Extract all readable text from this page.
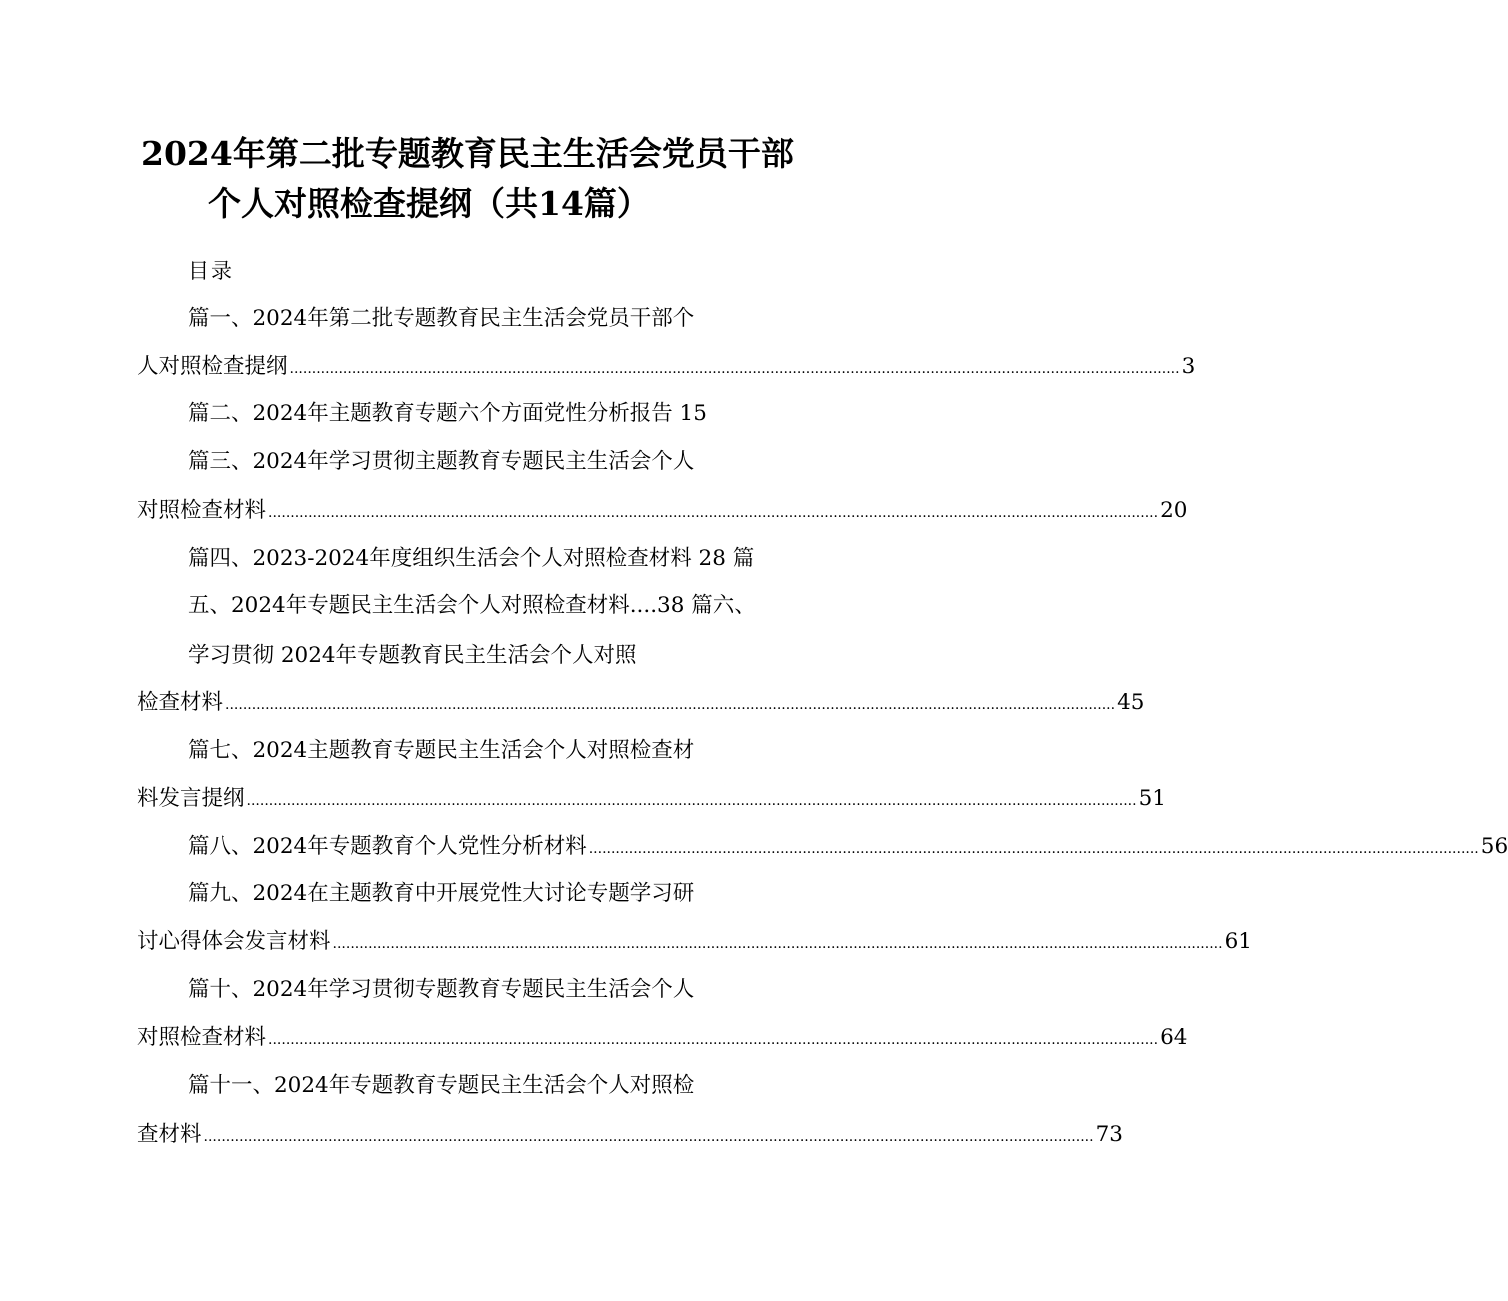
2024年第二批专题教育民主生活会党员干部
个人对照检查提纲（共14篇）
目录
篇一、2024年第二批专题教育民主生活会党员干部个
人对照检查提纲 ........................................................................................................................................................................................................ 3
篇二、2024年主题教育专题六个方面党性分析报告 15
篇三、2024年学习贯彻主题教育专题民主生活会个人
对照检查材料 ........................................................................................................................................................................................................ 20
篇四、2023-2024年度组织生活会个人对照检查材料 28 篇
五、2024年专题民主生活会个人对照检查材料....38 篇六、
学习贯彻 2024年专题教育民主生活会个人对照
检查材料 ........................................................................................................................................................................................................ 45
篇七、2024主题教育专题民主生活会个人对照检查材
料发言提纲 ........................................................................................................................................................................................................ 51
篇八、2024年专题教育个人党性分析材料 ........................................................................................................................................................................................................ 56
篇九、2024在主题教育中开展党性大讨论专题学习研
讨心得体会发言材料 ........................................................................................................................................................................................................ 61
篇十、2024年学习贯彻专题教育专题民主生活会个人
对照检查材料 ........................................................................................................................................................................................................ 64
篇十一、2024年专题教育专题民主生活会个人对照检
查材料 ........................................................................................................................................................................................................ 73
